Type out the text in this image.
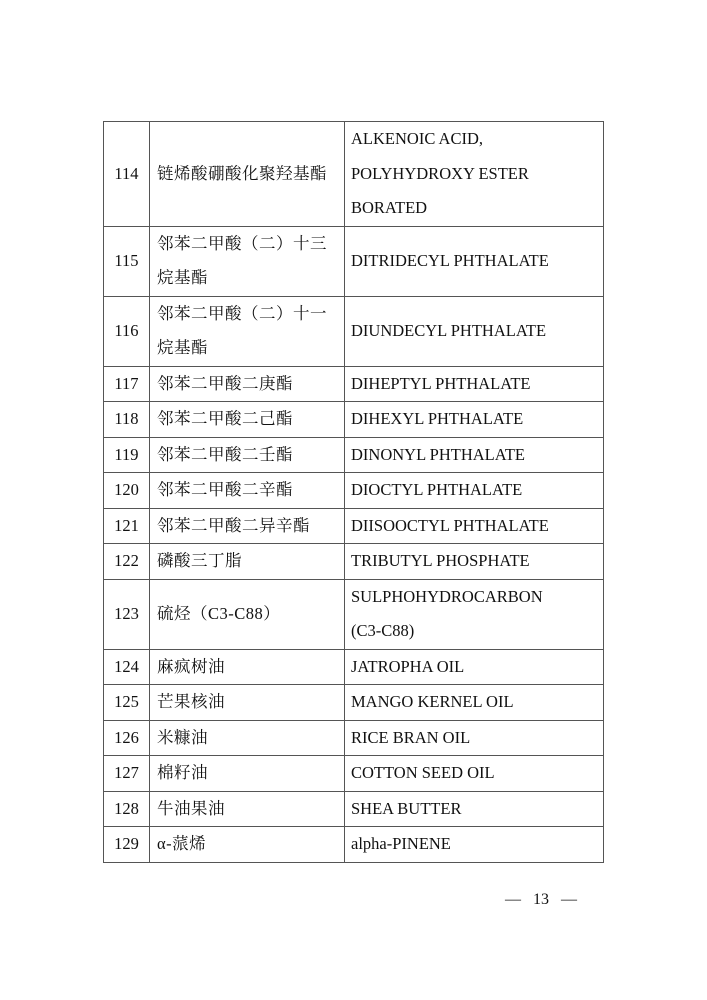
114	链烯酸硼酸化聚羟基酯	ALKENOIC ACID,
POLYHYDROXY ESTER
BORATED

115	邻苯二甲酸（二）十三
烷基酯	DITRIDECYL PHTHALATE

116	邻苯二甲酸（二）十一
烷基酯	DIUNDECYL PHTHALATE

117	邻苯二甲酸二庚酯	DIHEPTYL PHTHALATE

118	邻苯二甲酸二己酯	DIHEXYL PHTHALATE

119	邻苯二甲酸二壬酯	DINONYL PHTHALATE

120	邻苯二甲酸二辛酯	DIOCTYL PHTHALATE

121	邻苯二甲酸二异辛酯	DIISOOCTYL PHTHALATE

122	磷酸三丁脂	TRIBUTYL PHOSPHATE

123	硫烃（C3-C88）	SULPHOHYDROCARBON
(C3-C88)

124	麻疯树油	JATROPHA OIL

125	芒果核油	MANGO KERNEL OIL

126	米糠油	RICE BRAN OIL

127	棉籽油	COTTON SEED OIL

128	牛油果油	SHEA BUTTER

129	α-蒎烯	alpha-PINENE
— 13 —
